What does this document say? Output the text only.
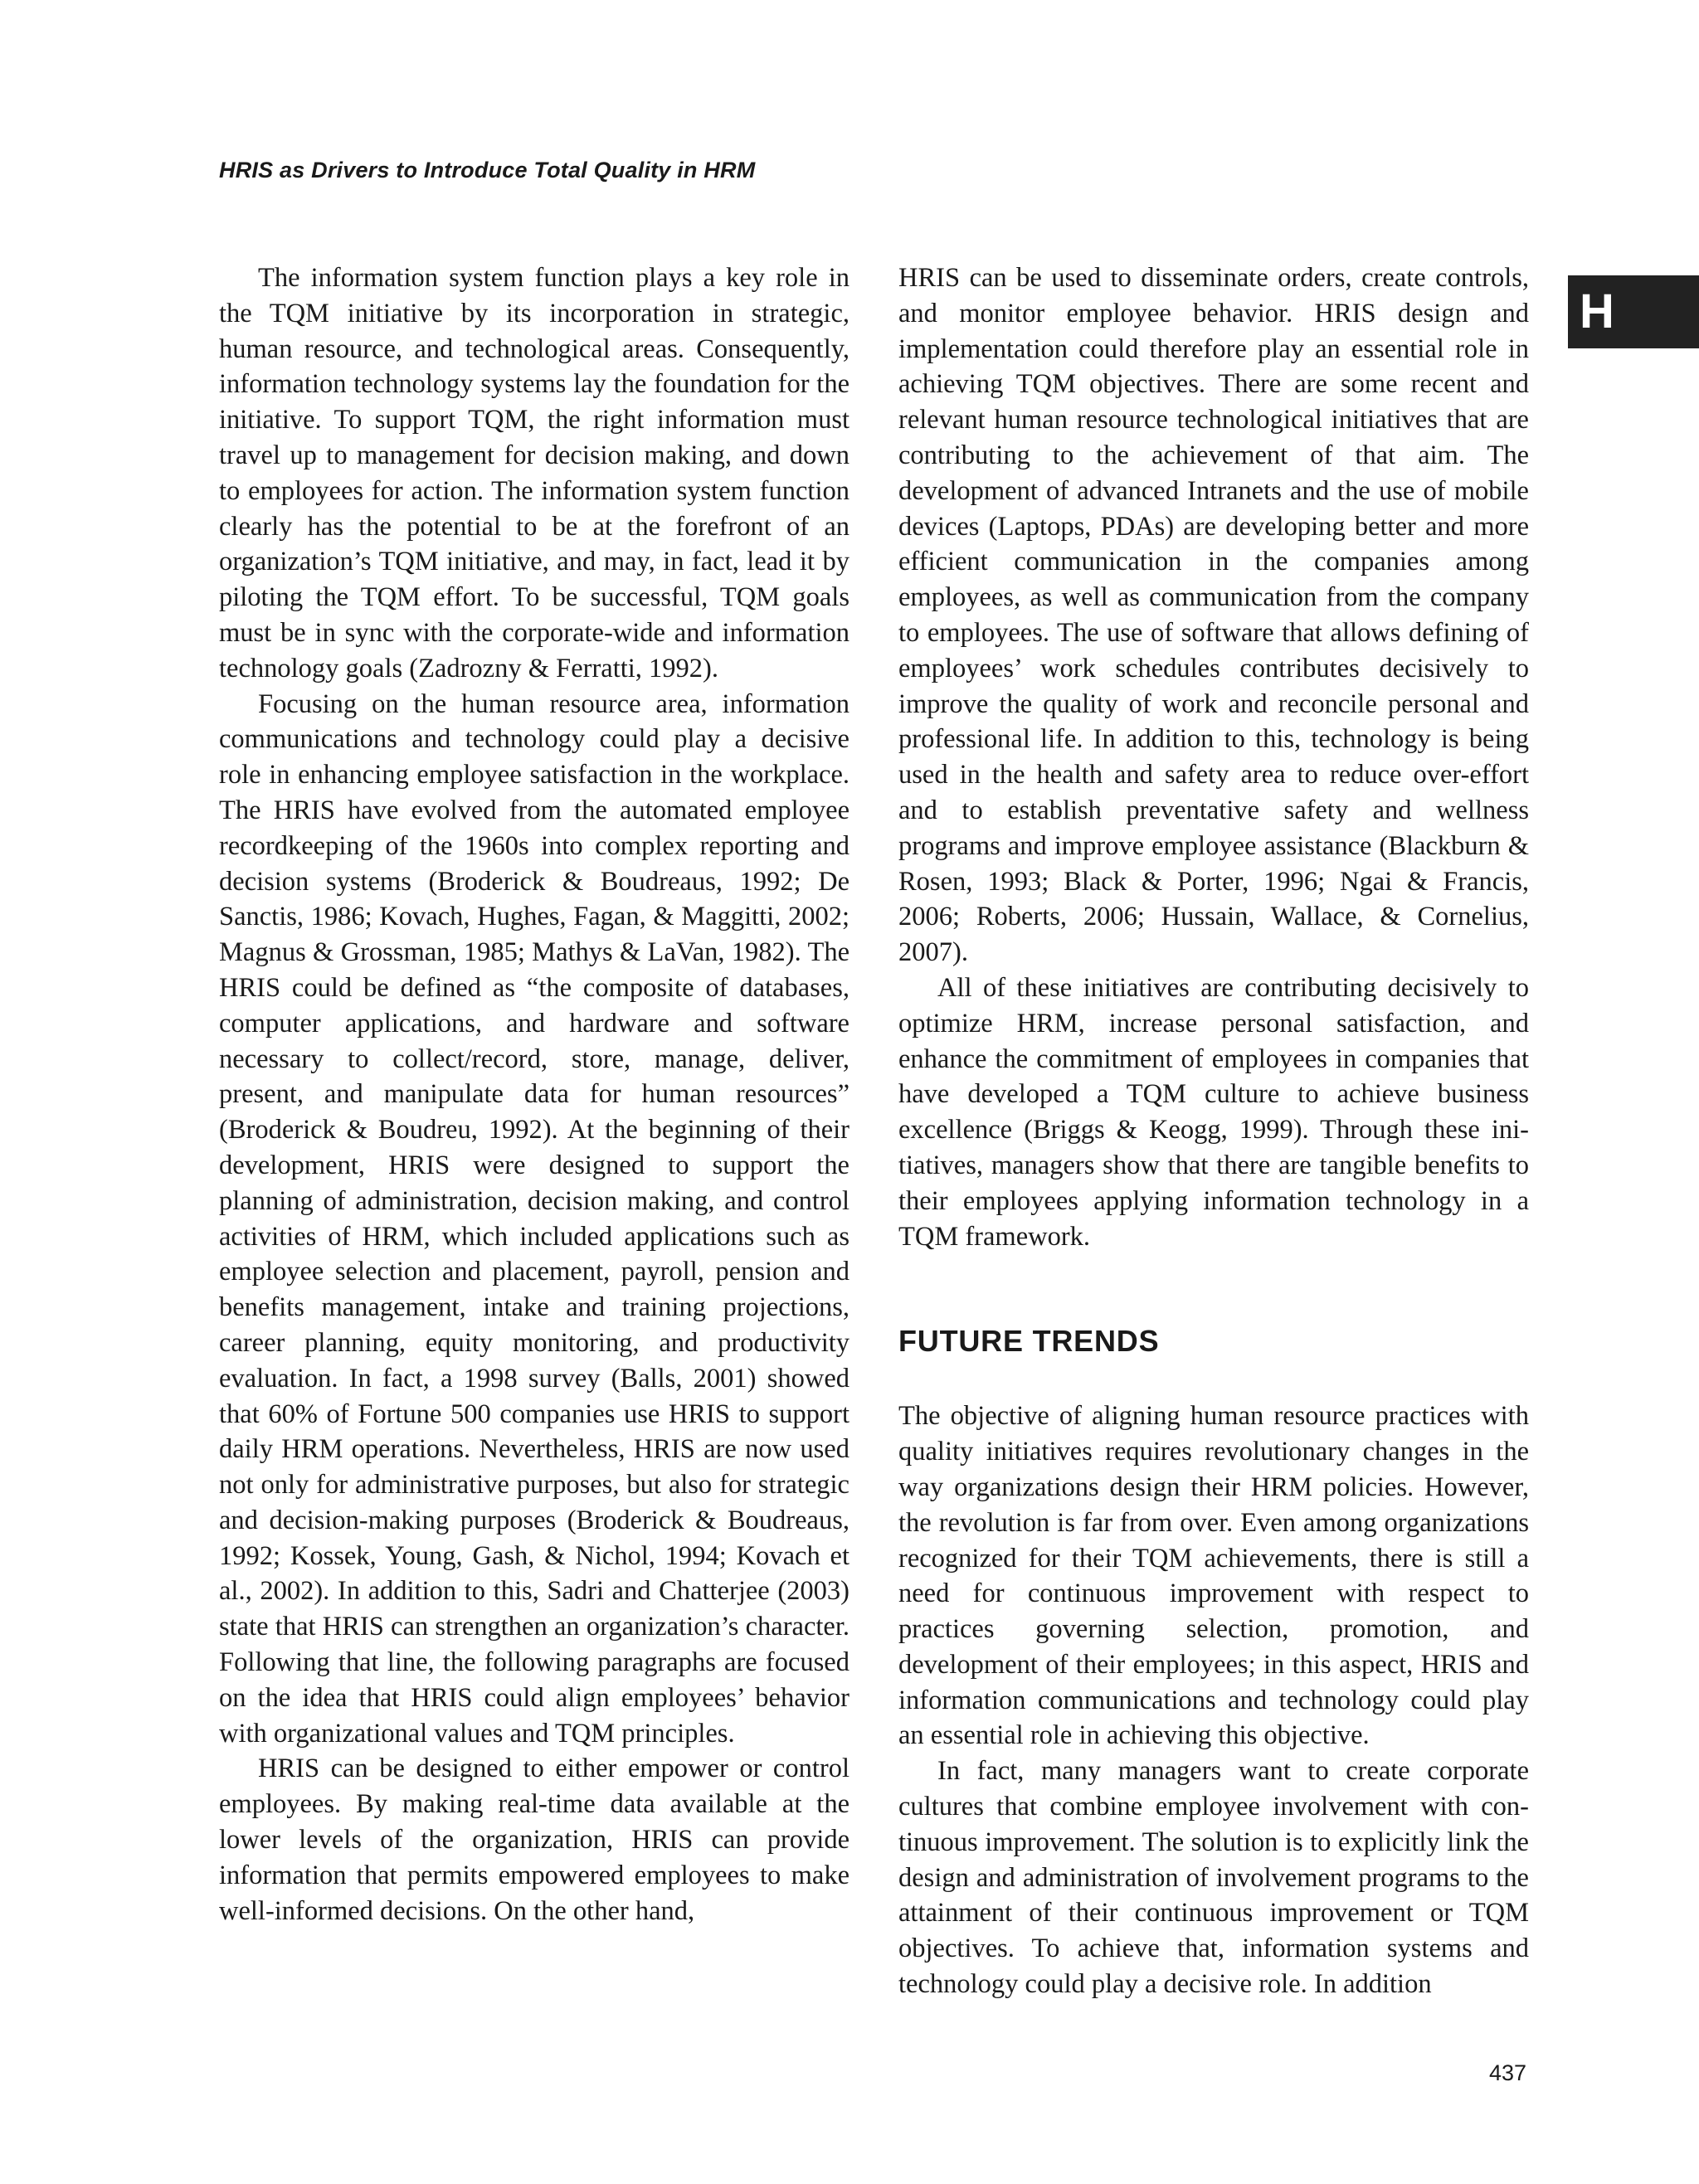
HRIS as Drivers to Introduce Total Quality in HRM
H

The information system function plays a key role in the TQM initiative by its incorporation in strategic, human resource, and technological areas. Consequently, information technology systems lay the foundation for the initiative. To support TQM, the right information must travel up to management for decision making, and down to employees for action. The information system function clearly has the potential to be at the forefront of an organization’s TQM initiative, and may, in fact, lead it by piloting the TQM effort. To be successful, TQM goals must be in sync with the corporate-wide and information technology goals (Zadrozny & Ferratti, 1992).

Focusing on the human resource area, information communications and technology could play a decisive role in enhancing employee satisfaction in the workplace. The HRIS have evolved from the automated employee recordkeeping of the 1960s into complex reporting and decision systems (Broderick & Boudreaus, 1992; De Sanctis, 1986; Kovach, Hughes, Fagan, & Maggitti, 2002; Magnus & Grossman, 1985; Mathys & LaVan, 1982). The HRIS could be defined as “the composite of databases, computer applications, and hardware and software necessary to collect/record, store, manage, deliver, present, and manipulate data for human resources” (Broderick & Boudreu, 1992). At the beginning of their development, HRIS were designed to support the planning of administration, decision making, and control activities of HRM, which included applications such as employee selection and placement, payroll, pension and benefits management, intake and training projections, career planning, equity monitoring, and productivity evaluation. In fact, a 1998 survey (Balls, 2001) showed that 60% of Fortune 500 companies use HRIS to support daily HRM operations. Nevertheless, HRIS are now used not only for administrative purposes, but also for strategic and decision-making purposes (Broderick & Boudreaus, 1992; Kossek, Young, Gash, & Nichol, 1994; Kovach et al., 2002). In addition to this, Sadri and Chatterjee (2003) state that HRIS can strengthen an organization’s character. Following that line, the following paragraphs are focused on the idea that HRIS could align employees’ behavior with organizational values and TQM principles.

HRIS can be designed to either empower or control employees. By making real-time data available at the lower levels of the organization, HRIS can provide information that permits empowered employees to make well-informed decisions. On the other hand,

HRIS can be used to disseminate orders, create controls, and monitor employee behavior. HRIS design and implementation could therefore play an essential role in achieving TQM objectives. There are some recent and relevant human resource technological initiatives that are contributing to the achievement of that aim. The development of advanced Intranets and the use of mobile devices (Laptops, PDAs) are developing better and more efficient communication in the companies among employees, as well as communication from the company to employees. The use of software that allows defining of employees’ work schedules contributes decisively to improve the quality of work and reconcile personal and professional life. In addition to this, technology is being used in the health and safety area to reduce over-effort and to establish preventative safety and wellness programs and improve employee assistance (Blackburn & Rosen, 1993; Black & Porter, 1996; Ngai & Francis, 2006; Roberts, 2006; Hussain, Wallace, & Cornelius, 2007).

All of these initiatives are contributing decisively to optimize HRM, increase personal satisfaction, and enhance the commitment of employees in companies that have developed a TQM culture to achieve business excellence (Briggs & Keogg, 1999). Through these initiatives, managers show that there are tangible benefits to their employees applying information technology in a TQM framework.

FUTURE TRENDS

The objective of aligning human resource practices with quality initiatives requires revolutionary changes in the way organizations design their HRM policies. However, the revolution is far from over. Even among organizations recognized for their TQM achievements, there is still a need for continuous improvement with respect to practices governing selection, promotion, and development of their employees; in this aspect, HRIS and information communications and technology could play an essential role in achieving this objective.

In fact, many managers want to create corporate cultures that combine employee involvement with continuous improvement. The solution is to explicitly link the design and administration of involvement programs to the attainment of their continuous improvement or TQM objectives. To achieve that, information systems and technology could play a decisive role. In addition

437
